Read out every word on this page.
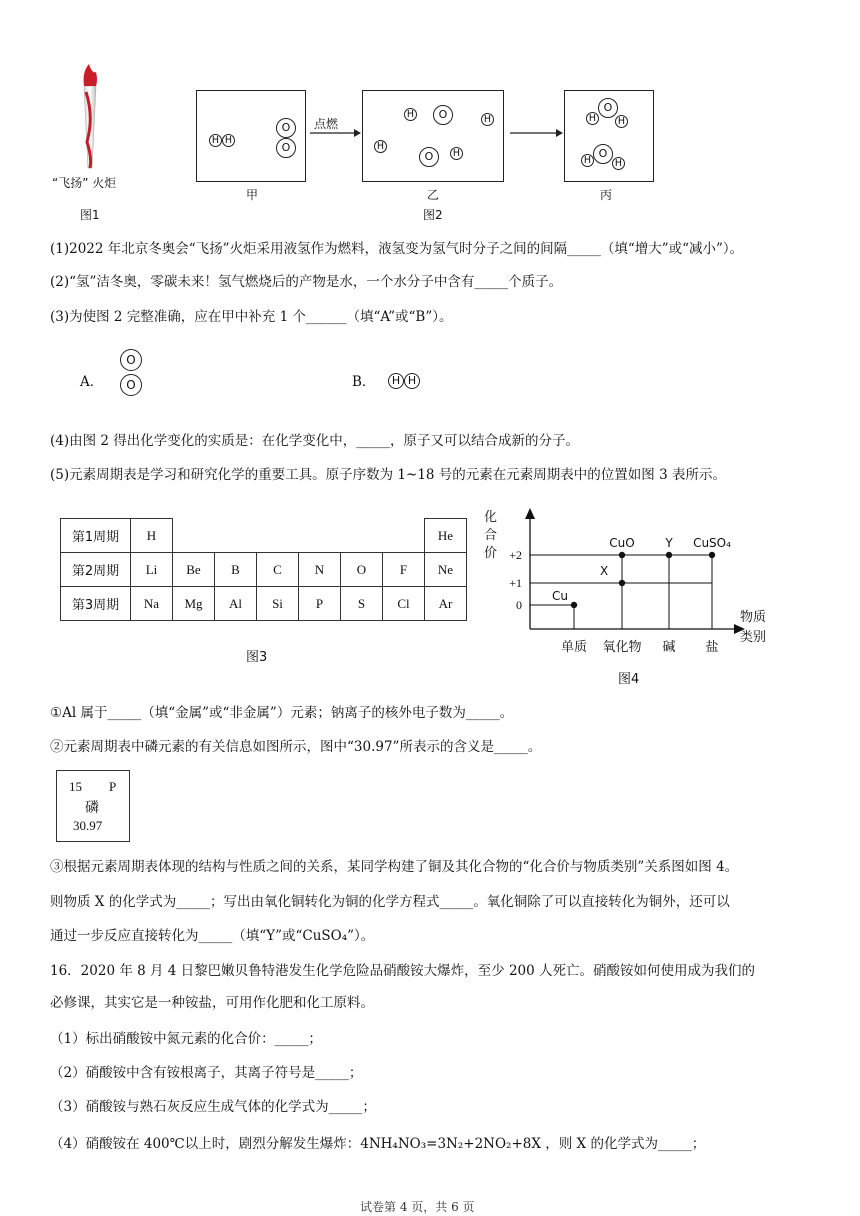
“飞扬” 火炬
图1
H H
O
O
甲
点燃
H	O	H
H
O	H
乙
图2
O
H	H
O
H	H
丙
(1)2022 年北京冬奥会“飞扬”火炬采用液氢作为燃料，液氢变为氢气时分子之间的间隔_____（填“增大”或“减小”）。
(2)“氢”洁冬奥，零碳未来！氢气燃烧后的产物是水，一个水分子中含有_____个质子。
(3)为使图 2 完整准确，应在甲中补充 1 个______（填“A”或“B”）。
A．
O
O	B．	H H
(4)由图 2 得出化学变化的实质是：在化学变化中，_____，原子又可以结合成新的分子。
(5)元素周期表是学习和研究化学的重要工具。原子序数为 1~18 号的元素在元素周期表中的位置如图 3 表所示。
第1周期	H							He
第2周期	Li	Be	B	C	N	O	F	Ne
第3周期	Na	Mg	Al	Si	P	S	Cl	Ar
图3
化
合
价
0
+1
+2
单质 氧化物 碱 盐
Cu
X
CuO	Y CuSO₄
物质
类别
图4
①Al 属于_____（填“金属”或“非金属”）元素；钠离子的核外电子数为_____。
②元素周期表中磷元素的有关信息如图所示，图中“30.97”所表示的含义是_____。
15 P
磷
30.97
③根据元素周期表体现的结构与性质之间的关系，某同学构建了铜及其化合物的“化合价与物质类别”关系图如图 4。
则物质 X 的化学式为_____；写出由氧化铜转化为铜的化学方程式_____。氧化铜除了可以直接转化为铜外，还可以
通过一步反应直接转化为_____（填“Y”或“CuSO₄”）。
16．2020 年 8 月 4 日黎巴嫩贝鲁特港发生化学危险品硝酸铵大爆炸，至少 200 人死亡。硝酸铵如何使用成为我们的
必修课，其实它是一种铵盐，可用作化肥和化工原料。
（1）标出硝酸铵中氮元素的化合价：_____；
（2）硝酸铵中含有铵根离子，其离子符号是_____；
（3）硝酸铵与熟石灰反应生成气体的化学式为_____；
（4）硝酸铵在 400℃以上时，剧烈分解发生爆炸：4NH₄NO₃=3N₂+2NO₂+8X ，则 X 的化学式为_____；
试卷第 4 页，共 6 页
